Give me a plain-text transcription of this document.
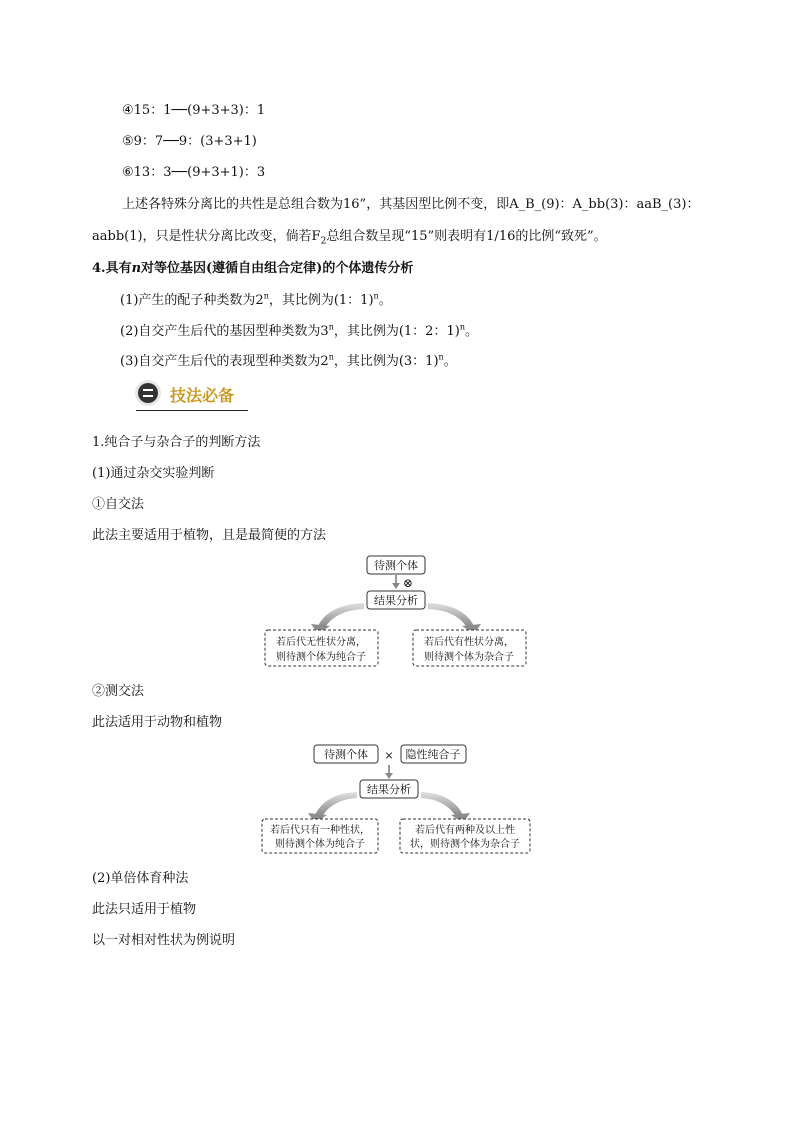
④15：1──(9+3+3)：1
⑤9：7──9：(3+3+1)
⑥13：3──(9+3+1)：3
上述各特殊分离比的共性是总组合数为16”，其基因型比例不变，即A_B_(9)：A_bb(3)：aaB_(3)：
aabb(1)，只是性状分离比改变，倘若$F_2$总组合数呈现“15”则表明有1/16的比例“致死”。
4.具有n对等位基因(遵循自由组合定律)的个体遗传分析
(1)产生的配子种类数为2$^n$，其比例为(1：1)$^n$。
(2)自交产生后代的基因型种类数为3$^n$，其比例为(1：2：1)$^n$。
(3)自交产生后代的表现型种类数为2$^n$，其比例为(3：1)$^n$。
技法必备
1.纯合子与杂合子的判断方法
(1)通过杂交实验判断
①自交法
此法主要适用于植物，且是最简便的方法
②测交法
此法适用于动物和植物
(2)单倍体育种法
此法只适用于植物
以一对相对性状为例说明
待测个体
⊗
结果分析
若后代无性状分离，
则待测个体为纯合子
若后代有性状分离，
则待测个体为杂合子
待测个体 × 隐性纯合子
结果分析
若后代只有一种性状，
则待测个体为纯合子
若后代有两种及以上性
状，则待测个体为杂合子
